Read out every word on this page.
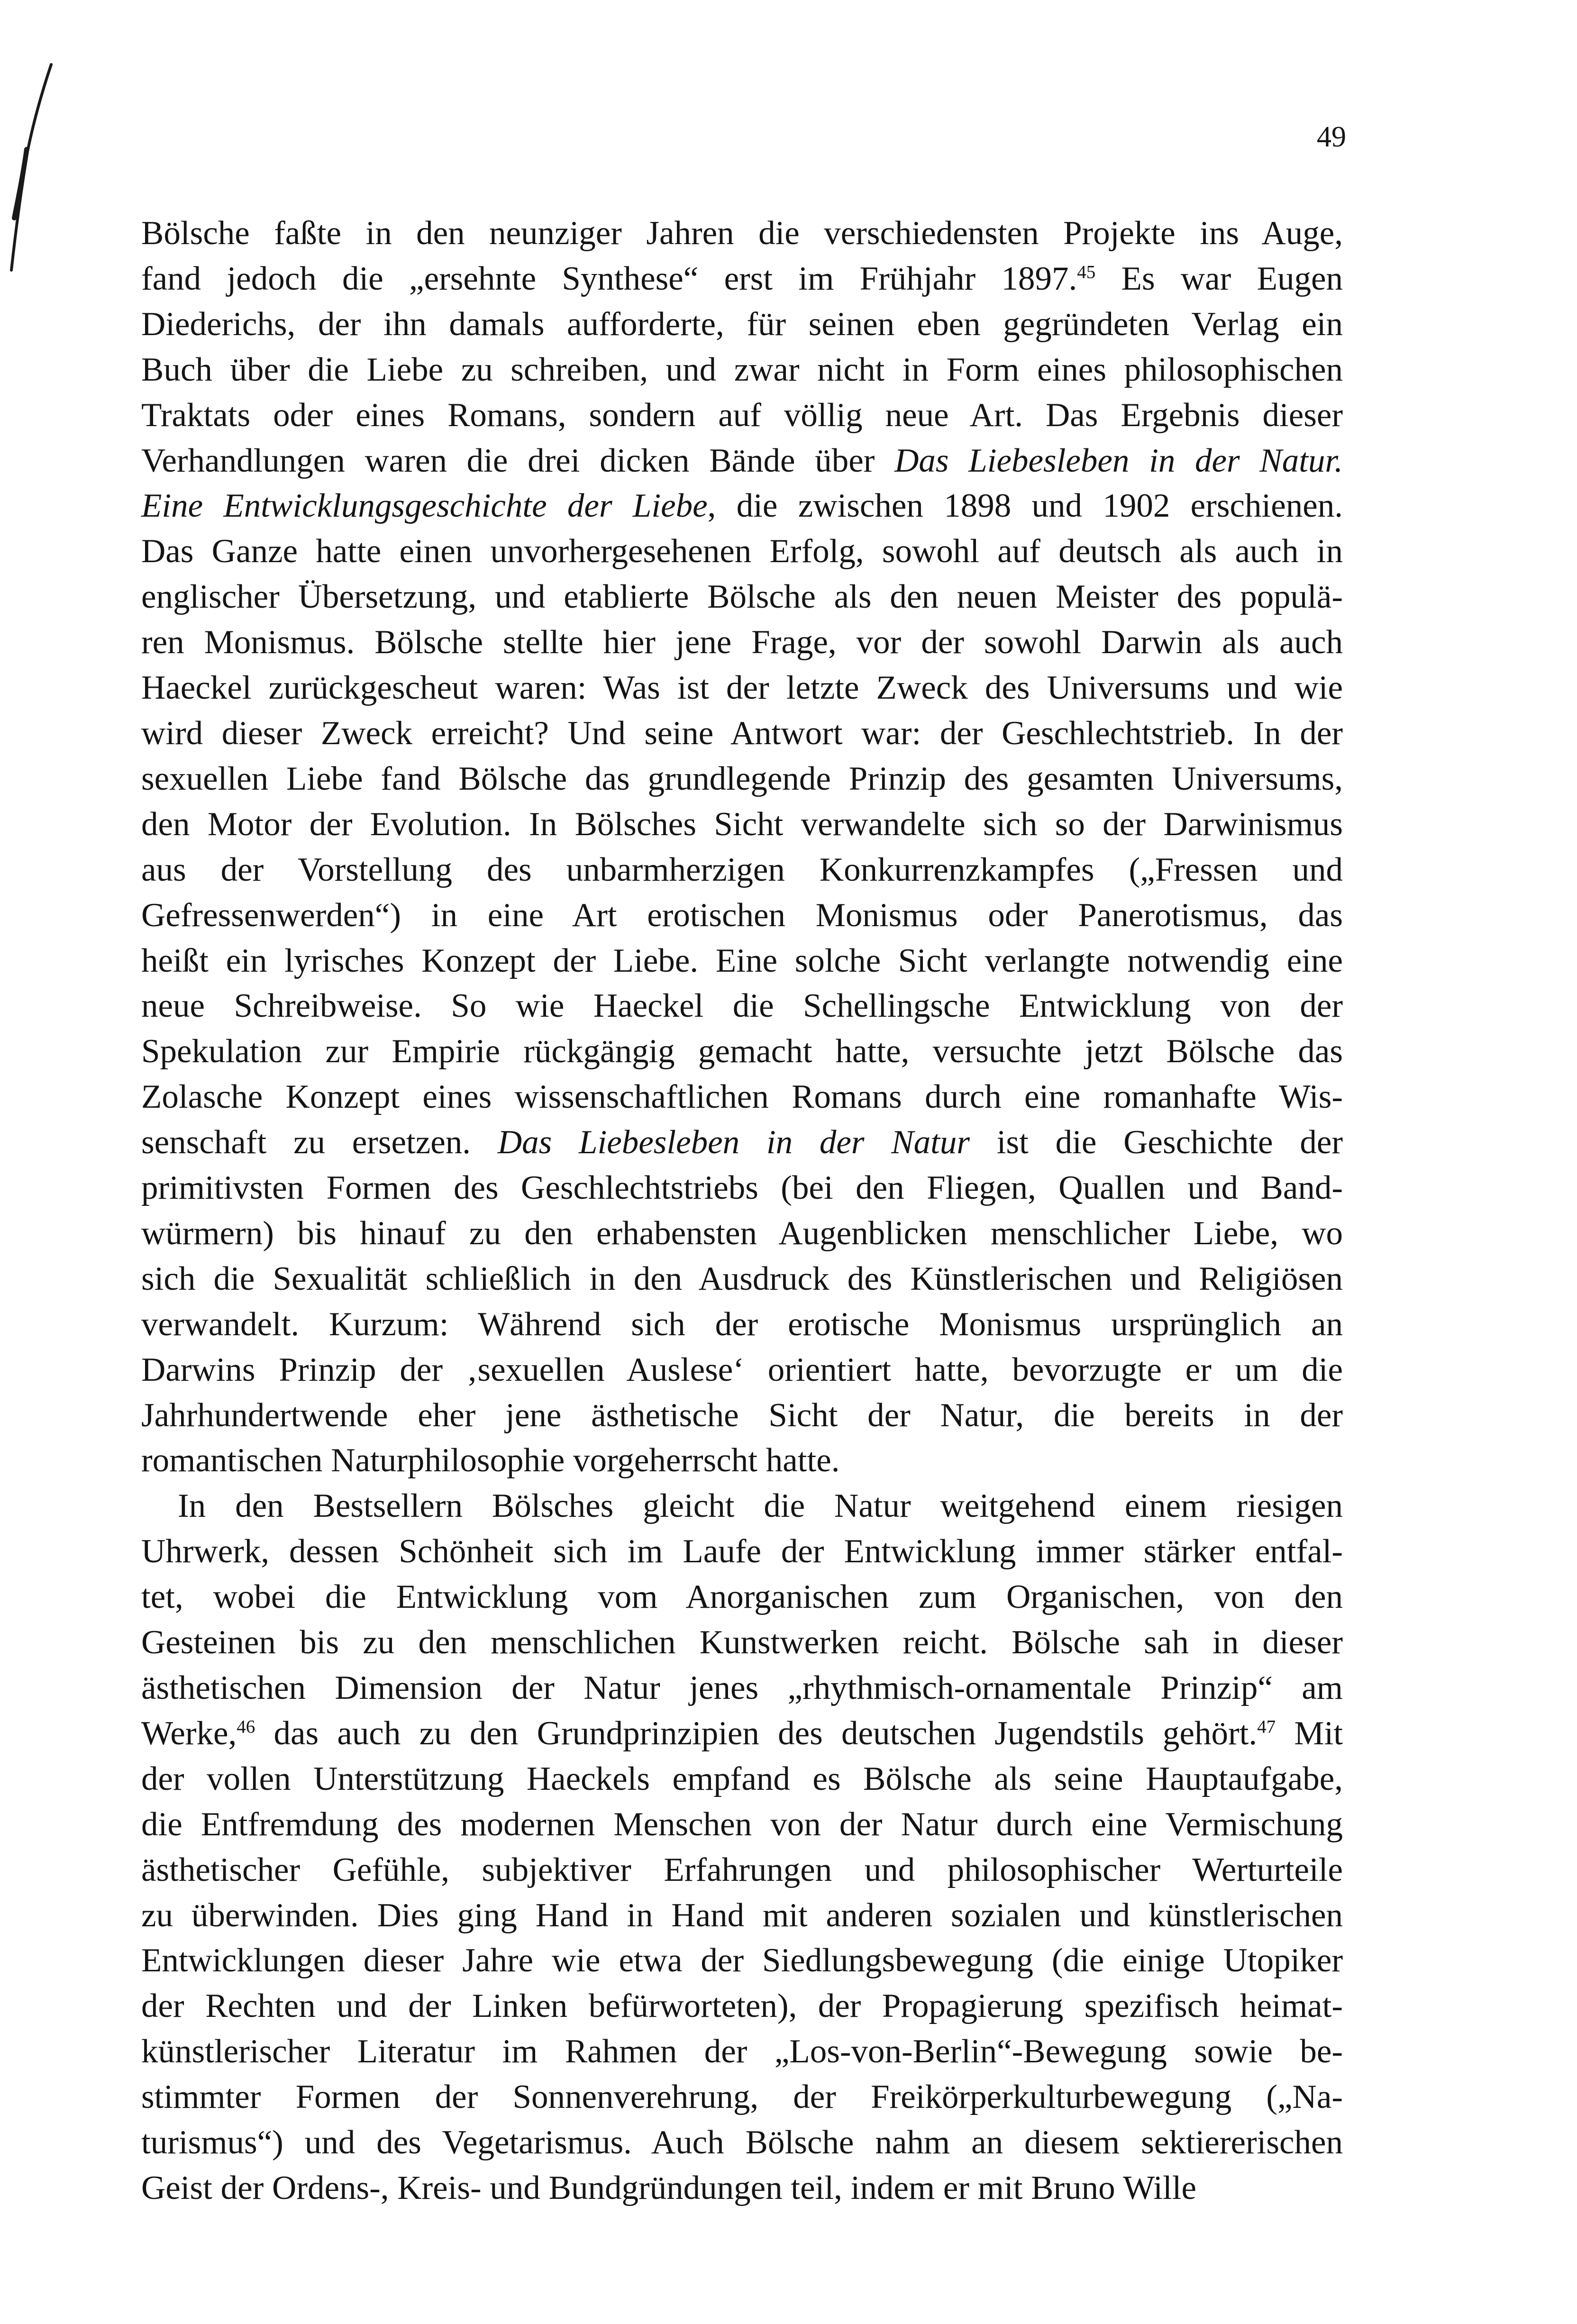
49
Bölsche faßte in den neunziger Jahren die verschiedensten Projekte ins Auge,
fand jedoch die „ersehnte Synthese“ erst im Frühjahr 1897.45 Es war Eugen
Diederichs, der ihn damals aufforderte, für seinen eben gegründeten Verlag ein
Buch über die Liebe zu schreiben, und zwar nicht in Form eines philosophischen
Traktats oder eines Romans, sondern auf völlig neue Art. Das Ergebnis dieser
Verhandlungen waren die drei dicken Bände über Das Liebesleben in der Natur.
Eine Entwicklungsgeschichte der Liebe, die zwischen 1898 und 1902 erschienen.
Das Ganze hatte einen unvorhergesehenen Erfolg, sowohl auf deutsch als auch in
englischer Übersetzung, und etablierte Bölsche als den neuen Meister des populä-
ren Monismus. Bölsche stellte hier jene Frage, vor der sowohl Darwin als auch
Haeckel zurückgescheut waren: Was ist der letzte Zweck des Universums und wie
wird dieser Zweck erreicht? Und seine Antwort war: der Geschlechtstrieb. In der
sexuellen Liebe fand Bölsche das grundlegende Prinzip des gesamten Universums,
den Motor der Evolution. In Bölsches Sicht verwandelte sich so der Darwinismus
aus der Vorstellung des unbarmherzigen Konkurrenzkampfes („Fressen und
Gefressenwerden“) in eine Art erotischen Monismus oder Panerotismus, das
heißt ein lyrisches Konzept der Liebe. Eine solche Sicht verlangte notwendig eine
neue Schreibweise. So wie Haeckel die Schellingsche Entwicklung von der
Spekulation zur Empirie rückgängig gemacht hatte, versuchte jetzt Bölsche das
Zolasche Konzept eines wissenschaftlichen Romans durch eine romanhafte Wis-
senschaft zu ersetzen. Das Liebesleben in der Natur ist die Geschichte der
primitivsten Formen des Geschlechtstriebs (bei den Fliegen, Quallen und Band-
würmern) bis hinauf zu den erhabensten Augenblicken menschlicher Liebe, wo
sich die Sexualität schließlich in den Ausdruck des Künstlerischen und Religiösen
verwandelt. Kurzum: Während sich der erotische Monismus ursprünglich an
Darwins Prinzip der ‚sexuellen Auslese‘ orientiert hatte, bevorzugte er um die
Jahrhundertwende eher jene ästhetische Sicht der Natur, die bereits in der
romantischen Naturphilosophie vorgeherrscht hatte.
In den Bestsellern Bölsches gleicht die Natur weitgehend einem riesigen
Uhrwerk, dessen Schönheit sich im Laufe der Entwicklung immer stärker entfal-
tet, wobei die Entwicklung vom Anorganischen zum Organischen, von den
Gesteinen bis zu den menschlichen Kunstwerken reicht. Bölsche sah in dieser
ästhetischen Dimension der Natur jenes „rhythmisch-ornamentale Prinzip“ am
Werke,$^{46}$ das auch zu den Grundprinzipien des deutschen Jugendstils gehört.$^{47}$ Mit
der vollen Unterstützung Haeckels empfand es Bölsche als seine Hauptaufgabe,
die Entfremdung des modernen Menschen von der Natur durch eine Vermischung
ästhetischer Gefühle, subjektiver Erfahrungen und philosophischer Werturteile
zu überwinden. Dies ging Hand in Hand mit anderen sozialen und künstlerischen
Entwicklungen dieser Jahre wie etwa der Siedlungsbewegung (die einige Utopiker
der Rechten und der Linken befürworteten), der Propagierung spezifisch heimat-
künstlerischer Literatur im Rahmen der „Los-von-Berlin“-Bewegung sowie be-
stimmter Formen der Sonnenverehrung, der Freikörperkulturbewegung („Na-
turismus“) und des Vegetarismus. Auch Bölsche nahm an diesem sektiererischen
Geist der Ordens-, Kreis- und Bundgründungen teil, indem er mit Bruno Wille
